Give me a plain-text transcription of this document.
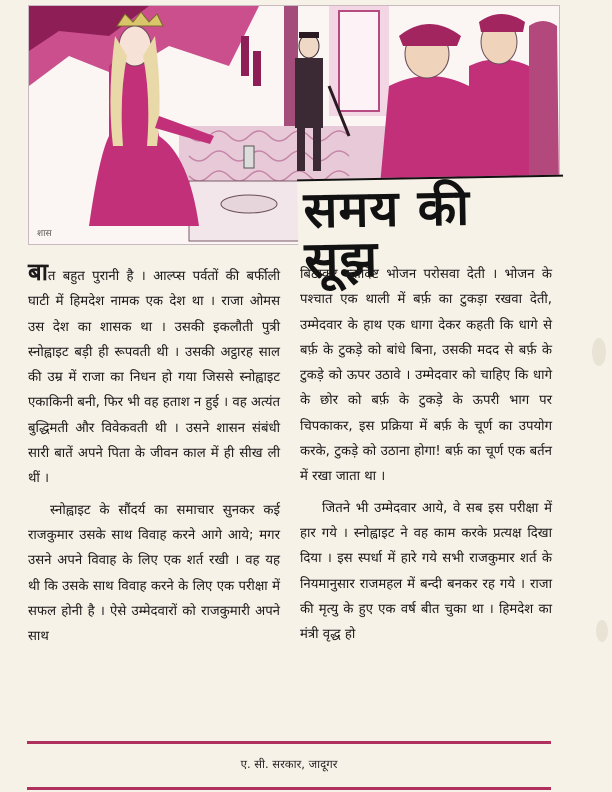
शास	समय की सूझ

बात बहुत पुरानी है । आल्प्स पर्वतों की बर्फीली घाटी में हिमदेश नामक एक देश था । राजा ओमस उस देश का शासक था । उसकी इकलौती पुत्री स्नोह्वाइट बड़ी ही रूपवती थी । उसकी अट्ठारह साल की उम्र में राजा का निधन हो गया जिससे स्नोह्वाइट एकाकिनी बनी, फिर भी वह हताश न हुई । वह अत्यंत बुद्धिमती और विवेकवती थी । उसने शासन संबंधी सारी बातें अपने पिता के जीवन काल में ही सीख ली थीं ।

स्नोह्वाइट के सौंदर्य का समाचार सुनकर कई राजकुमार उसके साथ विवाह करने आगे आये; मगर उसने अपने विवाह के लिए एक शर्त रखी । वह यह थी कि उसके साथ विवाह करने के लिए एक परीक्षा में सफल होनी है । ऐसे उम्मेदवारों को राजकुमारी अपने साथ

बिठाकर स्वादिष्ट भोजन परोसवा देती । भोजन के पश्चात एक थाली में बर्फ़ का टुकड़ा रखवा देती, उम्मेदवार के हाथ एक धागा देकर कहती कि धागे से बर्फ़ के टुकड़े को बांधे बिना, उसकी मदद से बर्फ़ के टुकड़े को ऊपर उठावे । उम्मेदवार को चाहिए कि धागे के छोर को बर्फ़ के टुकड़े के ऊपरी भाग पर चिपकाकर, इस प्रक्रिया में बर्फ़ के चूर्ण का उपयोग करके, टुकड़े को उठाना होगा! बर्फ़ का चूर्ण एक बर्तन में रखा जाता था ।

जितने भी उम्मेदवार आये, वे सब इस परीक्षा में हार गये । स्नोह्वाइट ने वह काम करके प्रत्यक्ष दिखा दिया । इस स्पर्धा में हारे गये सभी राजकुमार शर्त के नियमानुसार राजमहल में बन्दी बनकर रह गये । राजा की मृत्यु के हुए एक वर्ष बीत चुका था । हिमदेश का मंत्री वृद्ध हो

ए. सी. सरकार, जादूगर
